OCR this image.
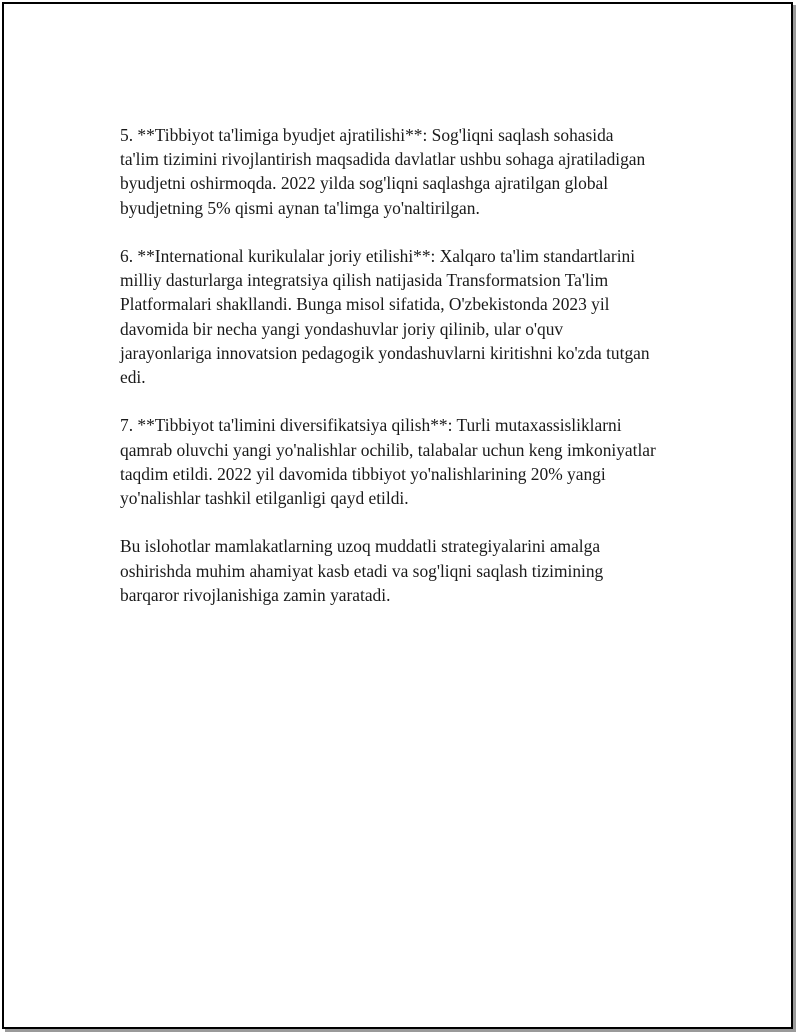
5. **Tibbiyot ta'limiga byudjet ajratilishi**: Sog'liqni saqlash sohasida
ta'lim tizimini rivojlantirish maqsadida davlatlar ushbu sohaga ajratiladigan
byudjetni oshirmoqda. 2022 yilda sog'liqni saqlashga ajratilgan global
byudjetning 5% qismi aynan ta'limga yo'naltirilgan.

6. **International kurikulalar joriy etilishi**: Xalqaro ta'lim standartlarini
milliy dasturlarga integratsiya qilish natijasida Transformatsion Ta'lim
Platformalari shakllandi. Bunga misol sifatida, O'zbekistonda 2023 yil
davomida bir necha yangi yondashuvlar joriy qilinib, ular o'quv
jarayonlariga innovatsion pedagogik yondashuvlarni kiritishni ko'zda tutgan
edi.

7. **Tibbiyot ta'limini diversifikatsiya qilish**: Turli mutaxassisliklarni
qamrab oluvchi yangi yo'nalishlar ochilib, talabalar uchun keng imkoniyatlar
taqdim etildi. 2022 yil davomida tibbiyot yo'nalishlarining 20% yangi
yo'nalishlar tashkil etilganligi qayd etildi.

Bu islohotlar mamlakatlarning uzoq muddatli strategiyalarini amalga
oshirishda muhim ahamiyat kasb etadi va sog'liqni saqlash tizimining
barqaror rivojlanishiga zamin yaratadi.
